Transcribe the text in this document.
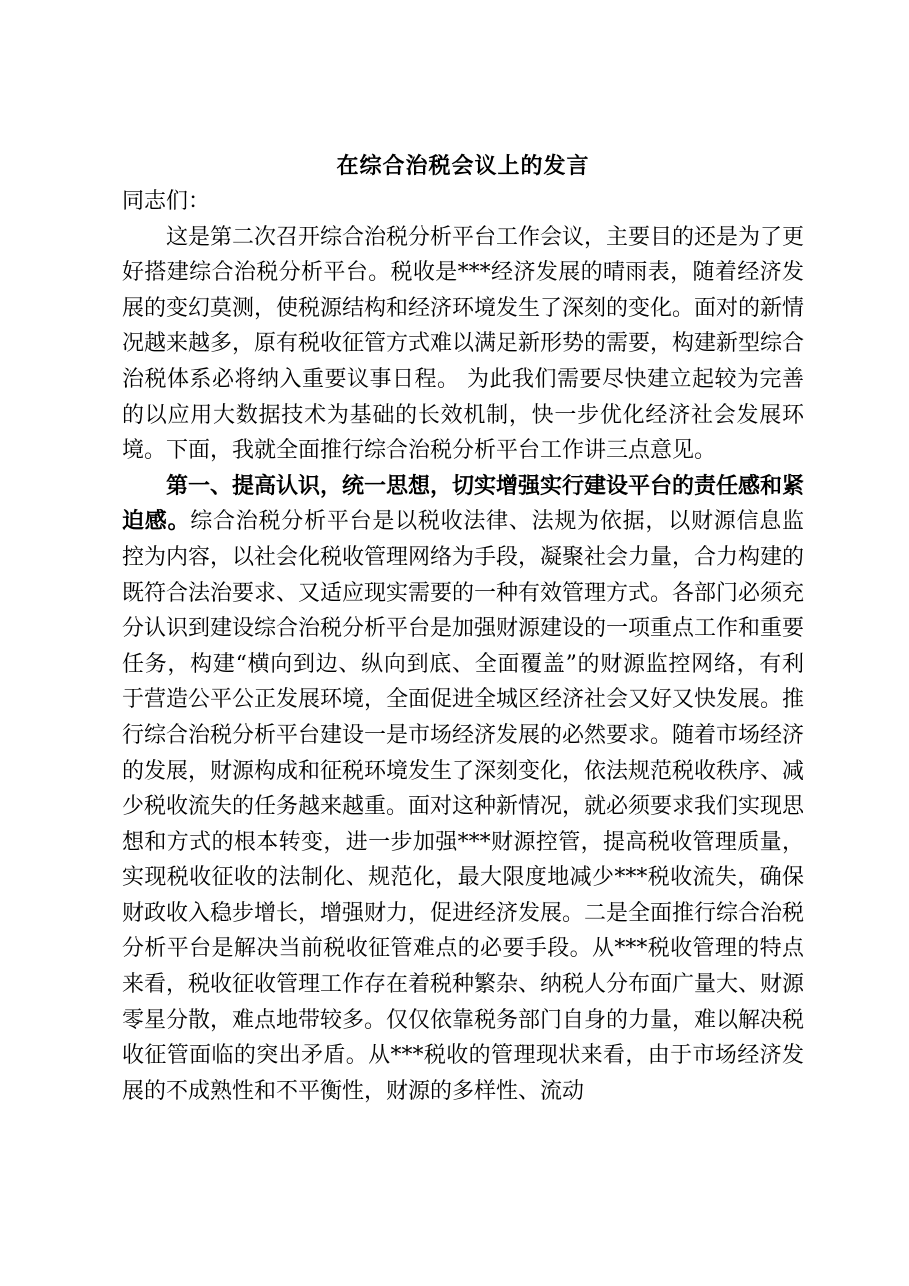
在综合治税会议上的发言
同志们：
这是第二次召开综合治税分析平台工作会议，主要目的还是为了更好搭建综合治税分析平台。税收是***经济发展的晴雨表，随着经济发展的变幻莫测，使税源结构和经济环境发生了深刻的变化。面对的新情况越来越多，原有税收征管方式难以满足新形势的需要，构建新型综合治税体系必将纳入重要议事日程。 为此我们需要尽快建立起较为完善的以应用大数据技术为基础的长效机制，快一步优化经济社会发展环境。下面，我就全面推行综合治税分析平台工作讲三点意见。
第一、提高认识，统一思想，切实增强实行建设平台的责任感和紧迫感。综合治税分析平台是以税收法律、法规为依据，以财源信息监控为内容，以社会化税收管理网络为手段，凝聚社会力量，合力构建的既符合法治要求、又适应现实需要的一种有效管理方式。各部门必须充分认识到建设综合治税分析平台是加强财源建设的一项重点工作和重要任务，构建“横向到边、纵向到底、全面覆盖”的财源监控网络，有利于营造公平公正发展环境，全面促进全城区经济社会又好又快发展。推行综合治税分析平台建设一是市场经济发展的必然要求。随着市场经济的发展，财源构成和征税环境发生了深刻变化，依法规范税收秩序、减少税收流失的任务越来越重。面对这种新情况，就必须要求我们实现思想和方式的根本转变，进一步加强***财源控管，提高税收管理质量，实现税收征收的法制化、规范化，最大限度地减少***税收流失，确保财政收入稳步增长，增强财力，促进经济发展。二是全面推行综合治税分析平台是解决当前税收征管难点的必要手段。从***税收管理的特点来看，税收征收管理工作存在着税种繁杂、纳税人分布面广量大、财源零星分散，难点地带较多。仅仅依靠税务部门自身的力量，难以解决税收征管面临的突出矛盾。从***税收的管理现状来看，由于市场经济发展的不成熟性和不平衡性，财源的多样性、流动
